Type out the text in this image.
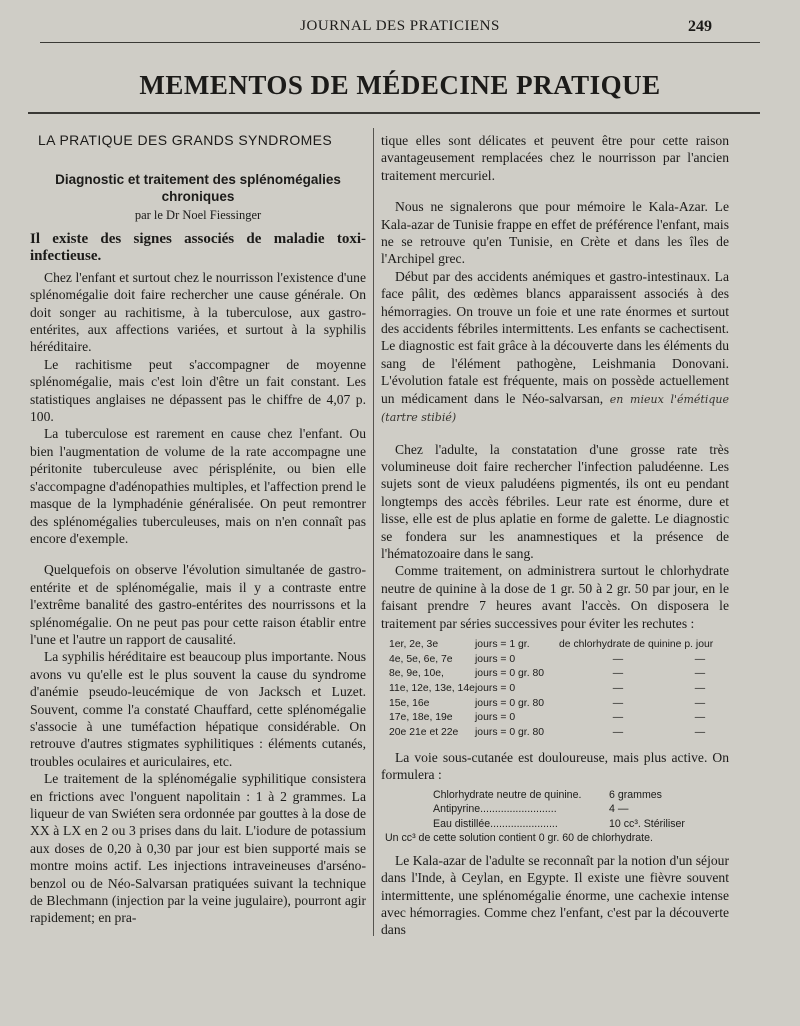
JOURNAL DES PRATICIENS	249
MEMENTOS DE MÉDECINE PRATIQUE
LA PRATIQUE DES GRANDS SYNDROMES
Diagnostic et traitement des splénomégalies chroniques
par le Dr Noel Fiessinger
Il existe des signes associés de maladie toxi-infectieuse.

Chez l'enfant et surtout chez le nourrisson l'existence d'une splénomégalie doit faire rechercher une cause générale. On doit songer au rachitisme, à la tuberculose, aux gastro-entérites, aux affections variées, et surtout à la syphilis héréditaire.

Le rachitisme peut s'accompagner de moyenne splénomégalie, mais c'est loin d'être un fait constant. Les statistiques anglaises ne dépassent pas le chiffre de 4,07 p. 100.

La tuberculose est rarement en cause chez l'enfant. Ou bien l'augmentation de volume de la rate accompagne une péritonite tuberculeuse avec périsplénite, ou bien elle s'accompagne d'adénopathies multiples, et l'affection prend le masque de la lymphadénie généralisée. On peut remontrer des splénomégalies tuberculeuses, mais on n'en connaît pas encore d'exemple.

Quelquefois on observe l'évolution simultanée de gastro-entérite et de splénomégalie, mais il y a contraste entre l'extrême banalité des gastro-entérites des nourrissons et la splénomégalie. On ne peut pas pour cette raison établir entre l'une et l'autre un rapport de causalité.

La syphilis héréditaire est beaucoup plus importante. Nous avons vu qu'elle est le plus souvent la cause du syndrome d'anémie pseudo-leucémique de von Jacksch et Luzet. Souvent, comme l'a constaté Chauffard, cette splénomégalie s'associe à une tuméfaction hépatique considérable. On retrouve d'autres stigmates syphilitiques : éléments cutanés, troubles oculaires et auriculaires, etc.

Le traitement de la splénomégalie syphilitique consistera en frictions avec l'onguent napolitain : 1 à 2 grammes. La liqueur de van Swiéten sera ordonnée par gouttes à la dose de XX à LX en 2 ou 3 prises dans du lait. L'iodure de potassium aux doses de 0,20 à 0,30 par jour est bien supporté mais se montre moins actif. Les injections intraveineuses d'arséno-benzol ou de Néo-Salvarsan pratiquées suivant la technique de Blechmann (injection par la veine jugulaire), pourront agir rapidement; en pra-

tique elles sont délicates et peuvent être pour cette raison avantageusement remplacées chez le nourrisson par l'ancien traitement mercuriel.

Nous ne signalerons que pour mémoire le Kala-Azar. Le Kala-azar de Tunisie frappe en effet de préférence l'enfant, mais ne se retrouve qu'en Tunisie, en Crète et dans les îles de l'Archipel grec.

Début par des accidents anémiques et gastro-intestinaux. La face pâlit, des œdèmes blancs apparaissent associés à des hémorragies. On trouve un foie et une rate énormes et surtout des accidents fébriles intermittents. Les enfants se cachectisent. Le diagnostic est fait grâce à la découverte dans les éléments du sang de l'élément pathogène, Leishmania Donovani. L'évolution fatale est fréquente, mais on possède actuellement un médicament dans le Néo-salvarsan, en mieux l'émétique (tartre stibié)

Chez l'adulte, la constatation d'une grosse rate très volumineuse doit faire rechercher l'infection paludéenne. Les sujets sont de vieux paludéens pigmentés, ils ont eu pendant longtemps des accès fébriles. Leur rate est énorme, dure et lisse, elle est de plus aplatie en forme de galette. Le diagnostic se fondera sur les anamnestiques et la présence de l'hématozoaire dans le sang.

Comme traitement, on administrera surtout le chlorhydrate neutre de quinine à la dose de 1 gr. 50 à 2 gr. 50 par jour, en le faisant prendre 7 heures avant l'accès. On disposera le traitement par séries successives pour éviter les rechutes :

1er, 2e, 3e	jours = 1 gr.	de chlorhydrate de quinine p. jour
4e, 5e, 6e, 7e	jours = 0	—	—
8e, 9e, 10e,	jours = 0 gr. 80	—	—
11e, 12e, 13e, 14e jours = 0	—	—
15e, 16e	jours = 0 gr. 80	—	—
17e, 18e, 19e	jours = 0	—	—
20e 21e et 22e	jours = 0 gr. 80	—	—

La voie sous-cutanée est douloureuse, mais plus active. On formulera :

Chlorhydrate neutre de quinine.	6 grammes
Antipyrine..........................	4 —
Eau distillée.......................	10 cc³. Stériliser
Un cc³ de cette solution contient 0 gr. 60 de chlorhydrate.

Le Kala-azar de l'adulte se reconnaît par la notion d'un séjour dans l'Inde, à Ceylan, en Egypte. Il existe une fièvre souvent intermittente, une splénomégalie énorme, une cachexie intense avec hémorragies. Comme chez l'enfant, c'est par la découverte dans
